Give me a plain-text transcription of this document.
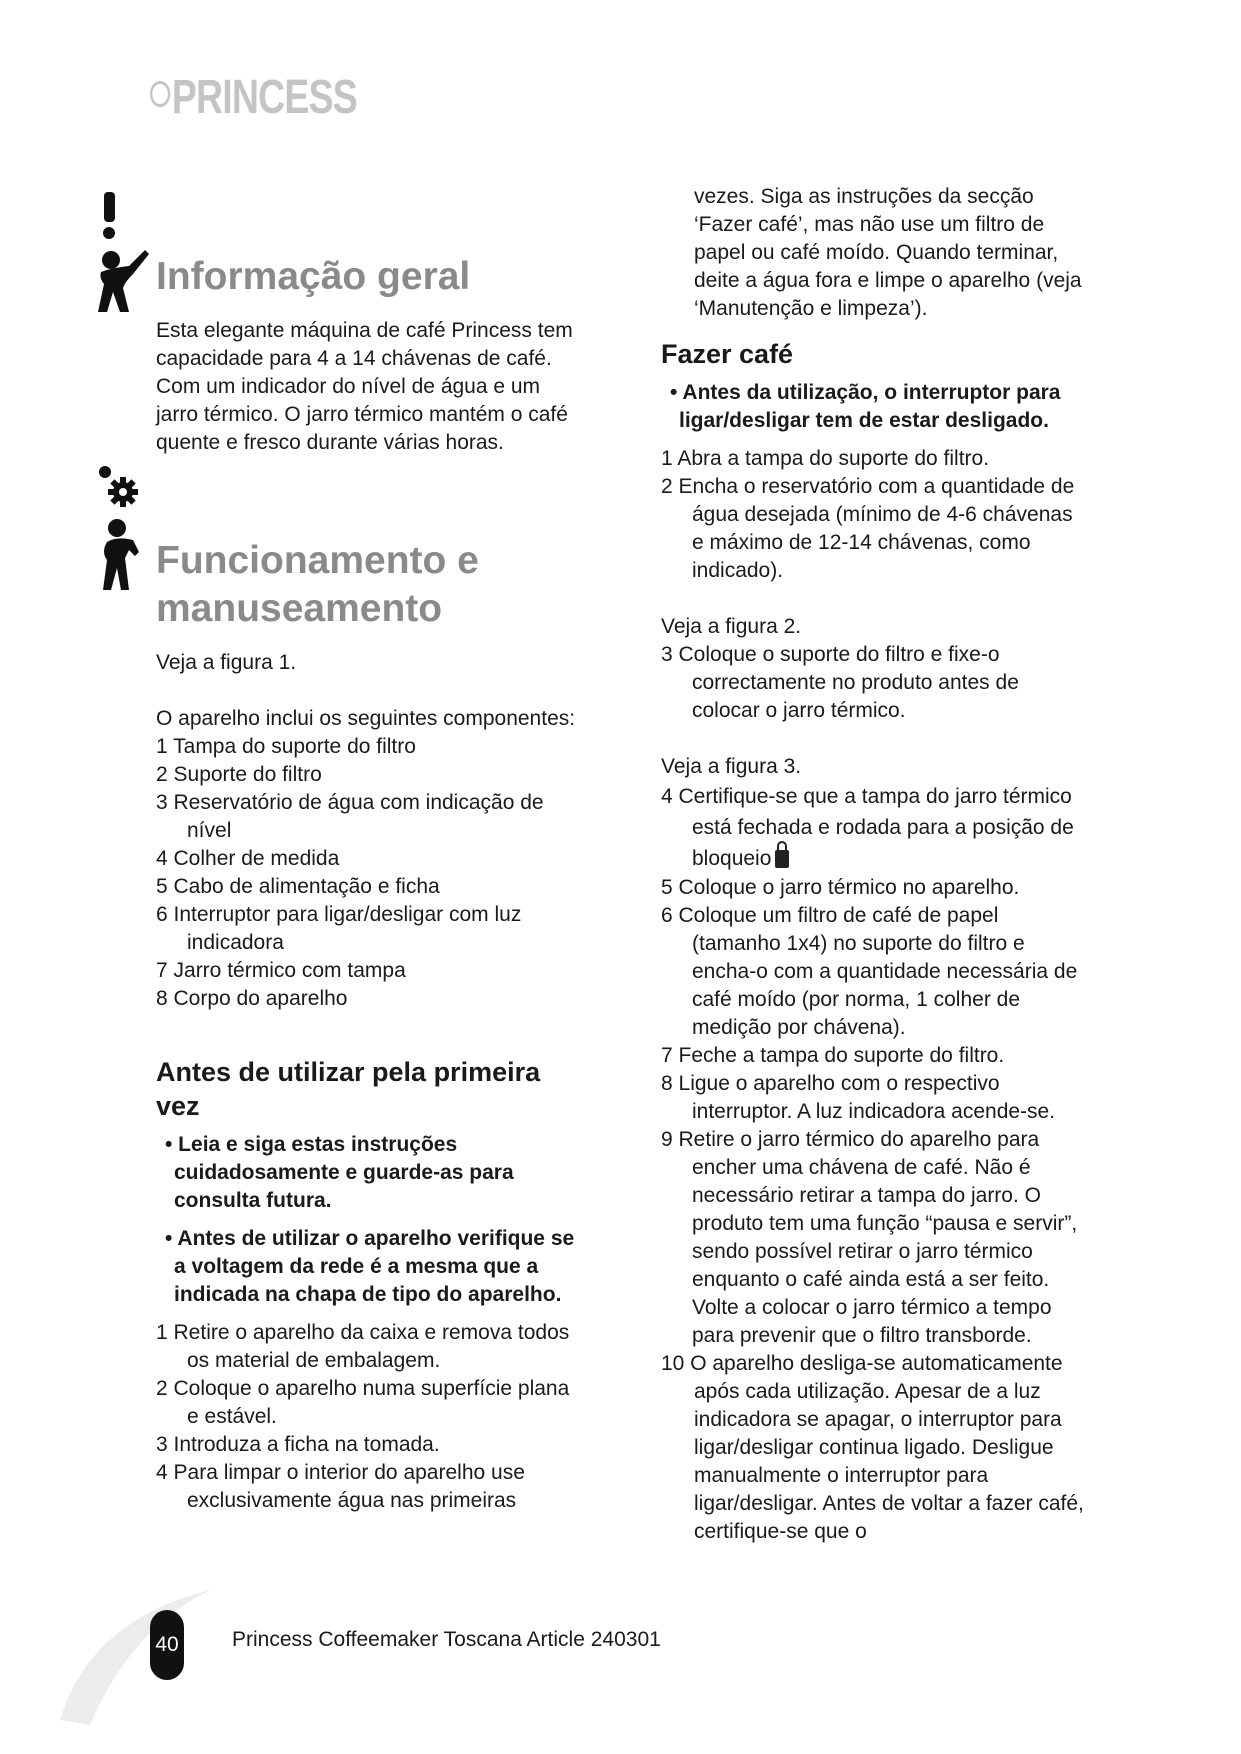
PRINCESS

Informação geral

Esta elegante máquina de café Princess tem capacidade para 4 a 14 chávenas de café. Com um indicador do nível de água e um jarro térmico. O jarro térmico mantém o café quente e fresco durante várias horas.

Funcionamento e manuseamento

Veja a figura 1.

O aparelho inclui os seguintes componentes:

1 Tampa do suporte do filtro

2 Suporte do filtro

3 Reservatório de água com indicação de nível

4 Colher de medida

5 Cabo de alimentação e ficha

6 Interruptor para ligar/desligar com luz indicadora

7 Jarro térmico com tampa

8 Corpo do aparelho

Antes de utilizar pela primeira vez

• Leia e siga estas instruções cuidadosamente e guarde-as para consulta futura.

• Antes de utilizar o aparelho verifique se a voltagem da rede é a mesma que a indicada na chapa de tipo do aparelho.

1 Retire o aparelho da caixa e remova todos os material de embalagem.

2 Coloque o aparelho numa superfície plana e estável.

3 Introduza a ficha na tomada.

4 Para limpar o interior do aparelho use exclusivamente água nas primeiras

vezes. Siga as instruções da secção ‘Fazer café’, mas não use um filtro de papel ou café moído. Quando terminar, deite a água fora e limpe o aparelho (veja ‘Manutenção e limpeza’).

Fazer café

• Antes da utilização, o interruptor para ligar/desligar tem de estar desligado.

1 Abra a tampa do suporte do filtro.

2 Encha o reservatório com a quantidade de água desejada (mínimo de 4-6 chávenas e máximo de 12-14 chávenas, como indicado).

Veja a figura 2.

3 Coloque o suporte do filtro e fixe-o correctamente no produto antes de colocar o jarro térmico.

Veja a figura 3.

4 Certifique-se que a tampa do jarro térmico está fechada e rodada para a posição de bloqueio

5 Coloque o jarro térmico no aparelho.

6 Coloque um filtro de café de papel (tamanho 1x4) no suporte do filtro e encha-o com a quantidade necessária de café moído (por norma, 1 colher de medição por chávena).

7 Feche a tampa do suporte do filtro.

8 Ligue o aparelho com o respectivo interruptor. A luz indicadora acende-se.

9 Retire o jarro térmico do aparelho para encher uma chávena de café. Não é necessário retirar a tampa do jarro. O produto tem uma função “pausa e servir”, sendo possível retirar o jarro térmico enquanto o café ainda está a ser feito. Volte a colocar o jarro térmico a tempo para prevenir que o filtro transborde.

10 O aparelho desliga-se automaticamente após cada utilização. Apesar de a luz indicadora se apagar, o interruptor para ligar/desligar continua ligado. Desligue manualmente o interruptor para ligar/desligar. Antes de voltar a fazer café, certifique-se que o

40	Princess Coffeemaker Toscana Article 240301
